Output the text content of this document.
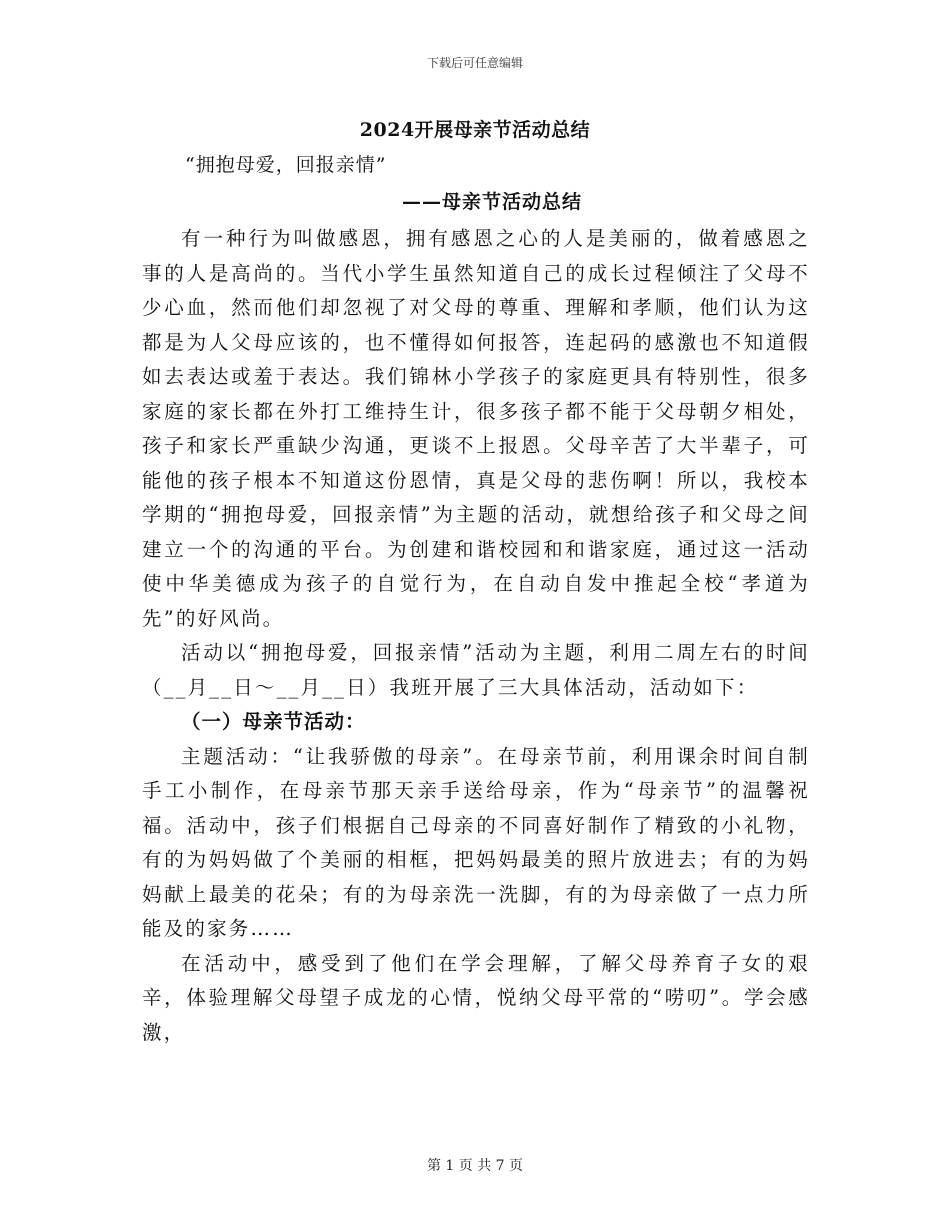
下载后可任意编辑
2024开展母亲节活动总结
“拥抱母爱，回报亲情”
——母亲节活动总结

有一种行为叫做感恩，拥有感恩之心的人是美丽的，做着感恩之事的人是高尚的。当代小学生虽然知道自己的成长过程倾注了父母不少心血，然而他们却忽视了对父母的尊重、理解和孝顺，他们认为这都是为人父母应该的，也不懂得如何报答，连起码的感激也不知道假如去表达或羞于表达。我们锦林小学孩子的家庭更具有特别性，很多家庭的家长都在外打工维持生计，很多孩子都不能于父母朝夕相处，孩子和家长严重缺少沟通，更谈不上报恩。父母辛苦了大半辈子，可能他的孩子根本不知道这份恩情，真是父母的悲伤啊！所以，我校本学期的“拥抱母爱，回报亲情”为主题的活动，就想给孩子和父母之间建立一个的沟通的平台。为创建和谐校园和和谐家庭，通过这一活动使中华美德成为孩子的自觉行为，在自动自发中推起全校“孝道为先”的好风尚。

活动以“拥抱母爱，回报亲情”活动为主题，利用二周左右的时间（__月__日～__月__日）我班开展了三大具体活动，活动如下：

（一）母亲节活动：

主题活动：“让我骄傲的母亲”。在母亲节前，利用课余时间自制手工小制作，在母亲节那天亲手送给母亲，作为“母亲节”的温馨祝福。活动中，孩子们根据自己母亲的不同喜好制作了精致的小礼物，有的为妈妈做了个美丽的相框，把妈妈最美的照片放进去；有的为妈妈献上最美的花朵；有的为母亲洗一洗脚，有的为母亲做了一点力所能及的家务……

在活动中，感受到了他们在学会理解，了解父母养育子女的艰辛，体验理解父母望子成龙的心情，悦纳父母平常的“唠叨”。学会感激，

第 1 页 共 7 页
